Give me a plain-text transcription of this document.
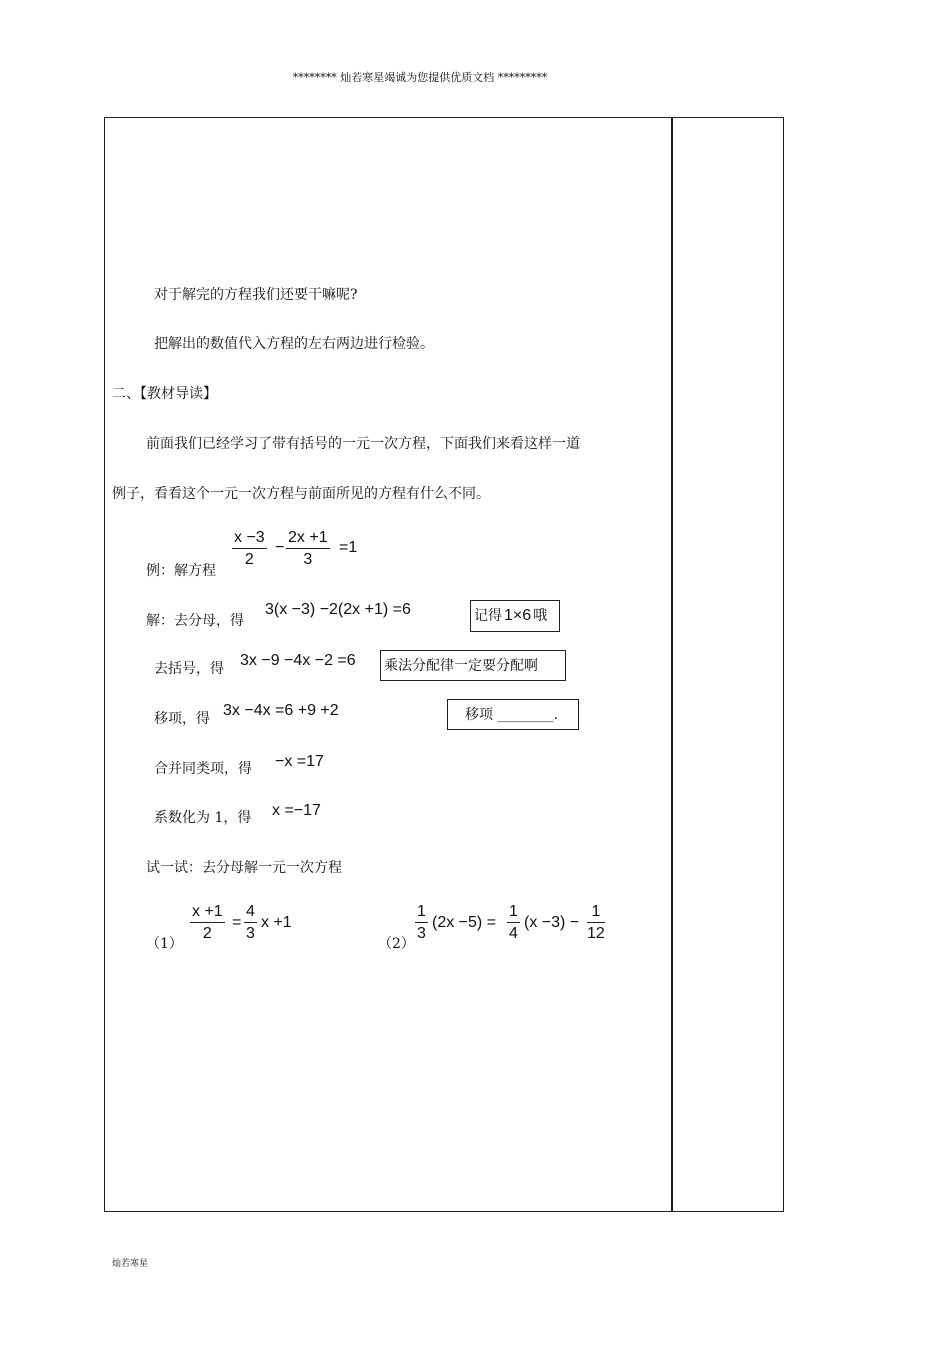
******** 灿若寒星竭诚为您提供优质文档 *********
灿若寒星
对于解完的方程我们还要干嘛呢?
把解出的数值代入方程的左右两边进行检验。
二、【教材导读】
前面我们已经学习了带有括号的一元一次方程，下面我们来看这样一道
例子，看看这个一元一次方程与前面所见的方程有什么不同。
例：解方程 $\frac{x -3}{2} - \frac{2x +1}{3} =1$
解：去分母，得
3(x −3) −2(2x +1) =6
去括号，得 3x −9 −4x −2 =6
移项，得 3x −4x =6 +9 +2
合并同类项，得 −x =17
系数化为 1，得 x =−17
记得 1×6 哦
乘法分配律一定要分配啊
移项 ________.
试一试：去分母解一元一次方程
$(1) \frac{x +1}{2} = \frac{4}{3}$ x +1
$(2) \frac{1}{3} (2x -5) = \frac{1}{4} (x -3) - \frac{1}{12}$
